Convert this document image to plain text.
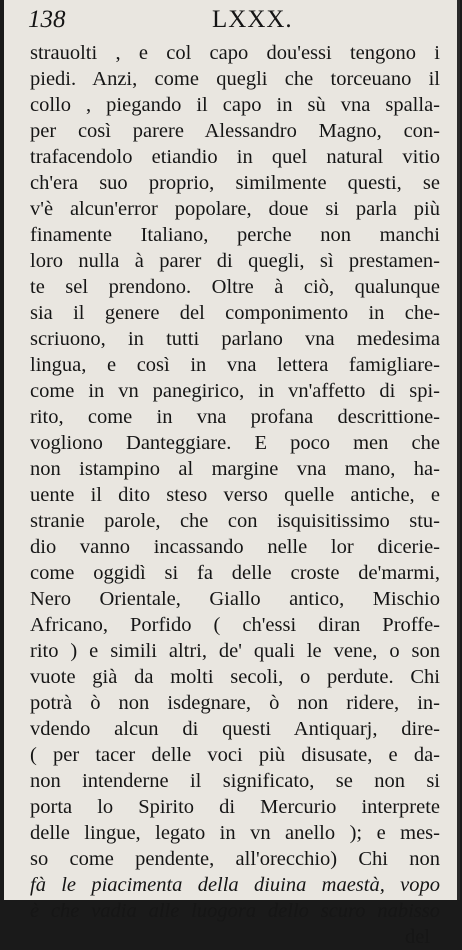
138	LXXX.
strauolti , e col capo dou'essi tengono i
piedi. Anzi, come quegli che torceuano il
collo , piegando il capo in sù vna spalla-
per così parere Alessandro Magno, con-
trafacendolo etiandio in quel natural vitio
ch'era suo proprio, similmente questi, se
v'è alcun'error popolare, doue si parla più
finamente Italiano, perche non manchi
loro nulla à parer di quegli, sì prestamen-
te sel prendono. Oltre à ciò, qualunque
sia il genere del componimento in che-
scriuono, in tutti parlano vna medesima
lingua, e così in vna lettera famigliare-
come in vn panegirico, in vn'affetto di spi-
rito, come in vna profana descrittione-
vogliono Danteggiare. E poco men che
non istampino al margine vna mano, ha-
uente il dito steso verso quelle antiche, e
stranie parole, che con isquisitissimo stu-
dio vanno incassando nelle lor dicerie-
come oggidì si fa delle croste de'marmi,
Nero Orientale, Giallo antico, Mischio
Africano, Porfido ( ch'essi diran Proffe-
rito ) e simili altri, de' quali le vene, o son
vuote già da molti secoli, o perdute. Chi
potrà ò non isdegnare, ò non ridere, in-
vdendo alcun di questi Antiquarj, dire-
( per tacer delle voci più disusate, e da-
non intenderne il significato, se non si
porta lo Spirito di Mercurio interprete
delle lingue, legato in vn anello ); e mes-
so come pendente, all'orecchio) Chi non
fà le piacimenta della diuina maestà, vopo
è che vadia alle luogora dello scuro nabisso
del
